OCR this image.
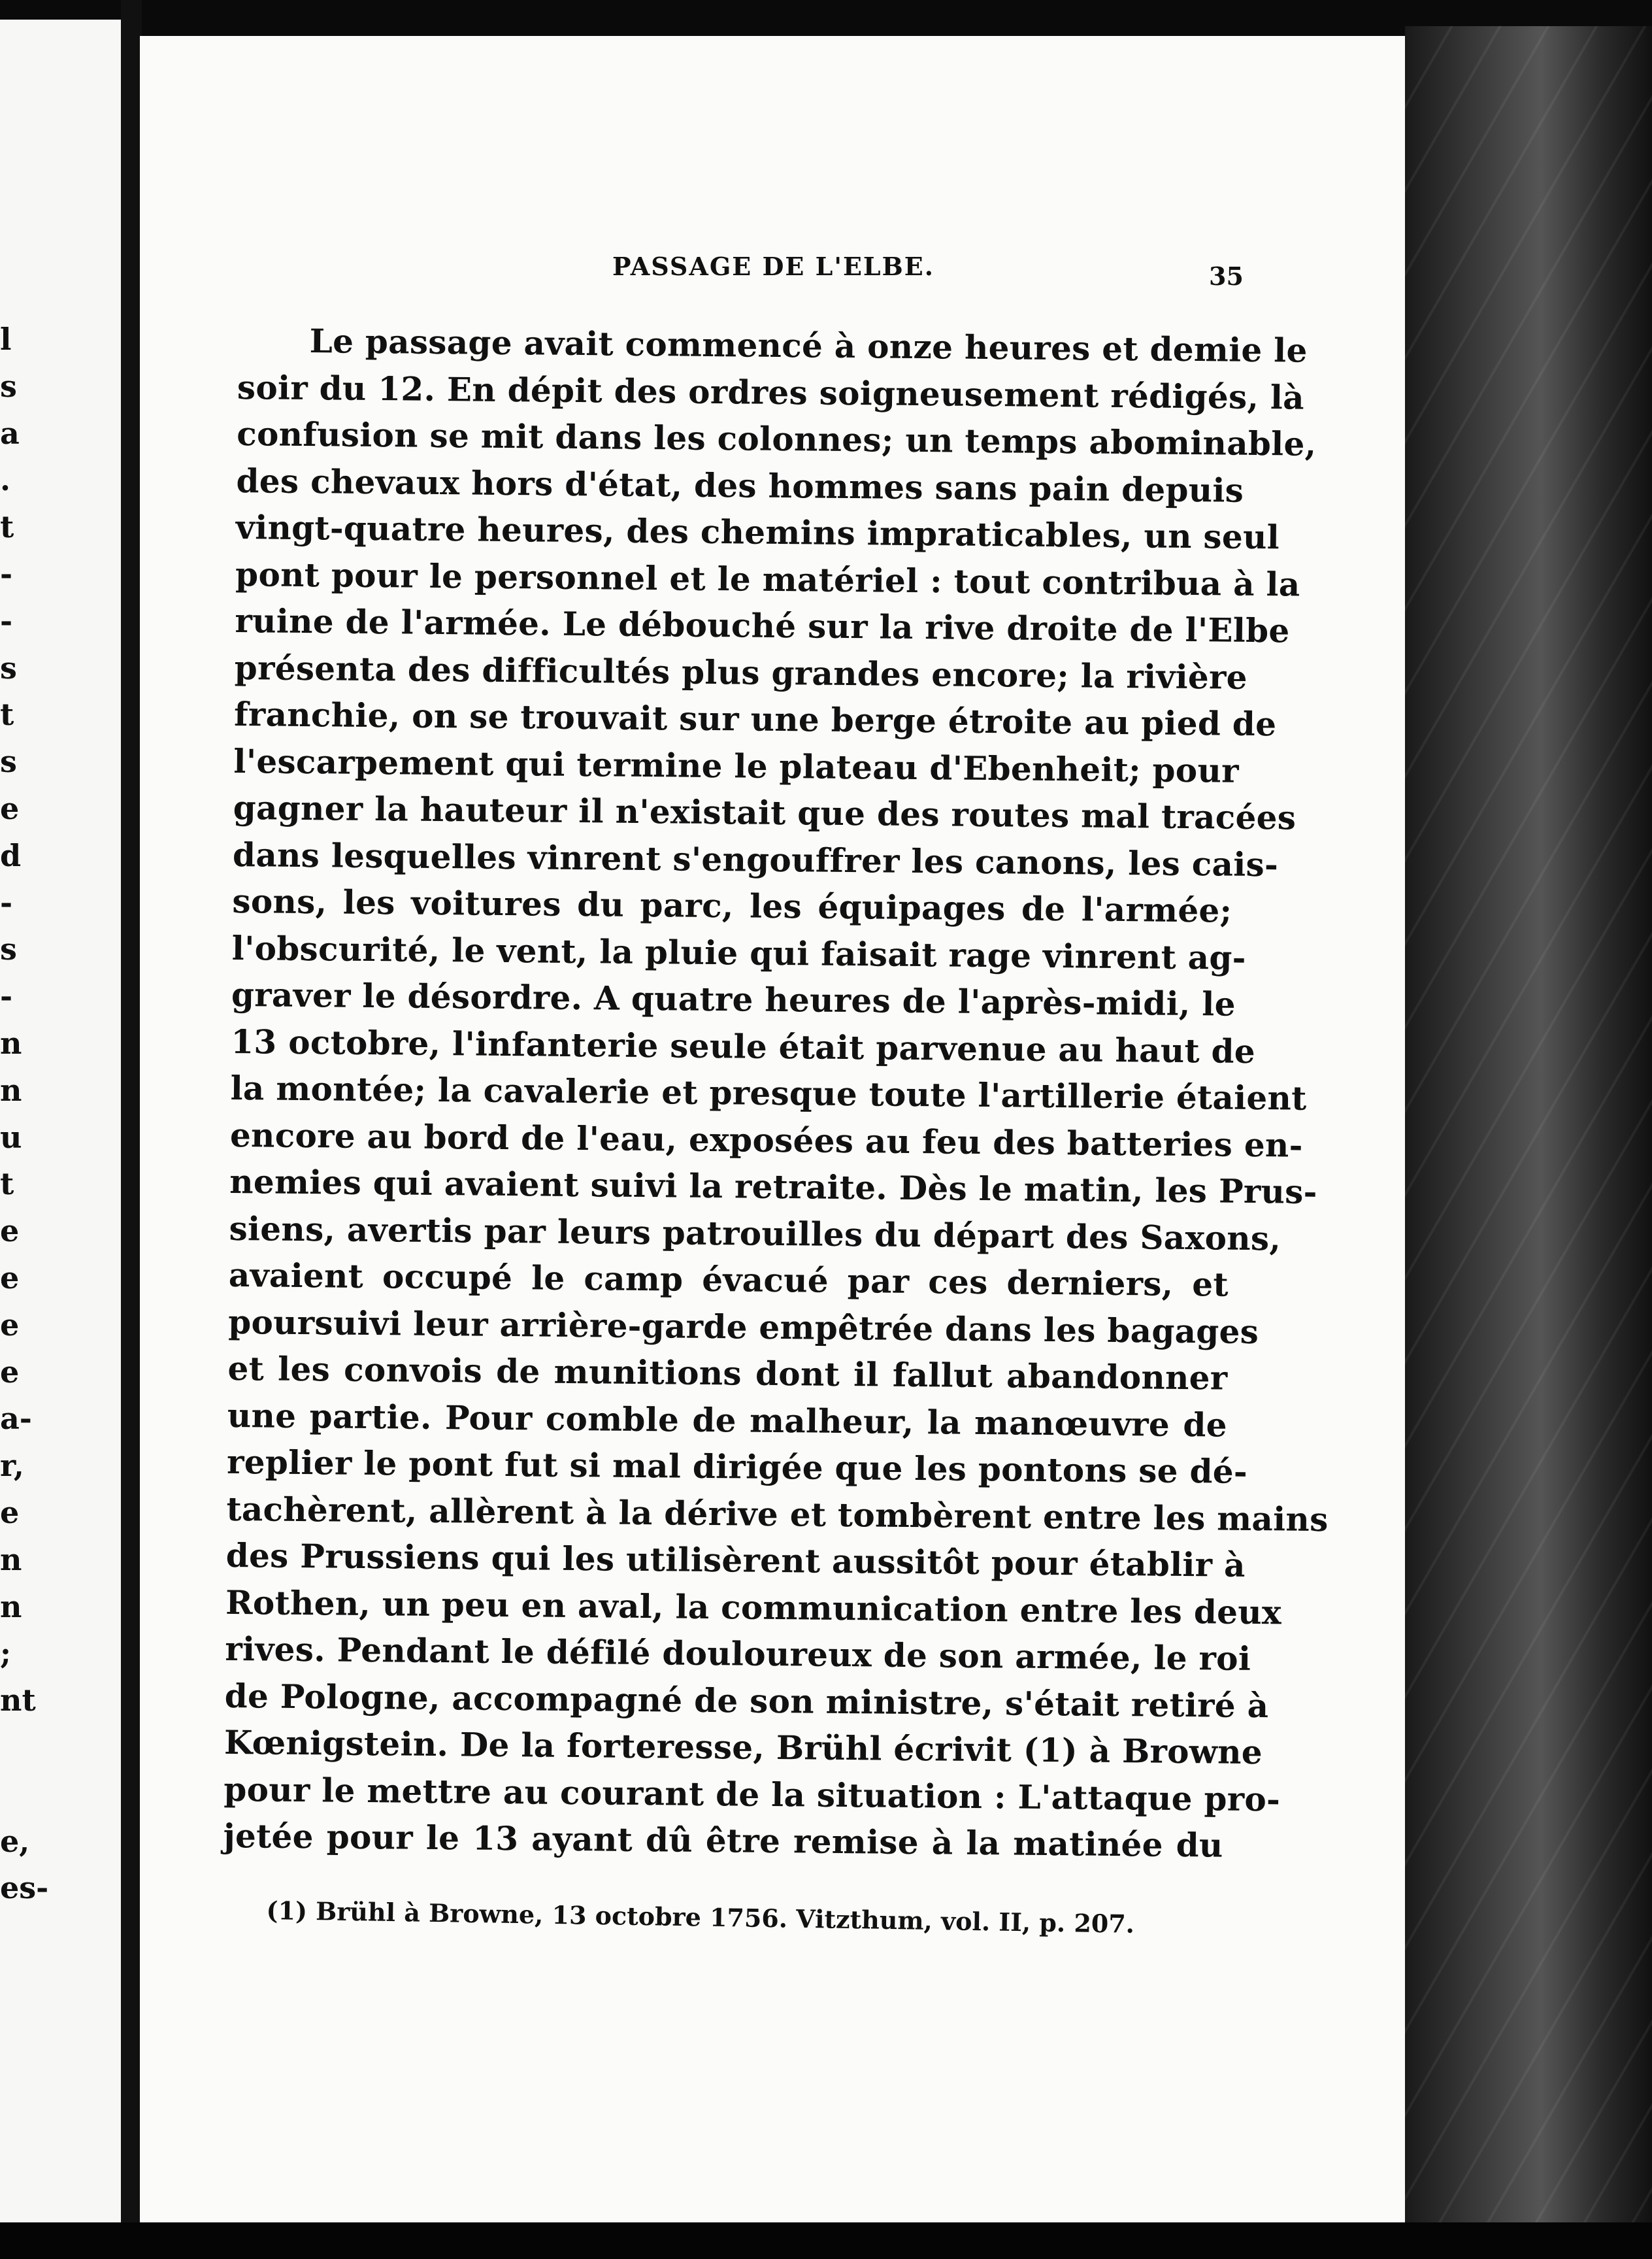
l
s
a
.
t
-
-
s
t
s
e
d
-
s
-
n
n
u
t
e
e
e
e
a-
r,
e
n
n
;
nt
e,
es-
PASSAGE DE L'ELBE.	35
Le passage avait commencé à onze heures et demie le
soir du 12. En dépit des ordres soigneusement rédigés, là
confusion se mit dans les colonnes; un temps abominable,
des chevaux hors d'état, des hommes sans pain depuis
vingt-quatre heures, des chemins impraticables, un seul
pont pour le personnel et le matériel : tout contribua à la
ruine de l'armée. Le débouché sur la rive droite de l'Elbe
présenta des difficultés plus grandes encore; la rivière
franchie, on se trouvait sur une berge étroite au pied de
l'escarpement qui termine le plateau d'Ebenheit; pour
gagner la hauteur il n'existait que des routes mal tracées
dans lesquelles vinrent s'engouffrer les canons, les cais-
sons, les voitures du parc, les équipages de l'armée;
l'obscurité, le vent, la pluie qui faisait rage vinrent ag-
graver le désordre. A quatre heures de l'après-midi, le
13 octobre, l'infanterie seule était parvenue au haut de
la montée; la cavalerie et presque toute l'artillerie étaient
encore au bord de l'eau, exposées au feu des batteries en-
nemies qui avaient suivi la retraite. Dès le matin, les Prus-
siens, avertis par leurs patrouilles du départ des Saxons,
avaient occupé le camp évacué par ces derniers, et
poursuivi leur arrière-garde empêtrée dans les bagages
et les convois de munitions dont il fallut abandonner
une partie. Pour comble de malheur, la manœuvre de
replier le pont fut si mal dirigée que les pontons se dé-
tachèrent, allèrent à la dérive et tombèrent entre les mains
des Prussiens qui les utilisèrent aussitôt pour établir à
Rothen, un peu en aval, la communication entre les deux
rives. Pendant le défilé douloureux de son armée, le roi
de Pologne, accompagné de son ministre, s'était retiré à
Kœnigstein. De la forteresse, Brühl écrivit (1) à Browne
pour le mettre au courant de la situation : L'attaque pro-
jetée pour le 13 ayant dû être remise à la matinée du
(1) Brühl à Browne, 13 octobre 1756. Vitzthum, vol. II, p. 207.
